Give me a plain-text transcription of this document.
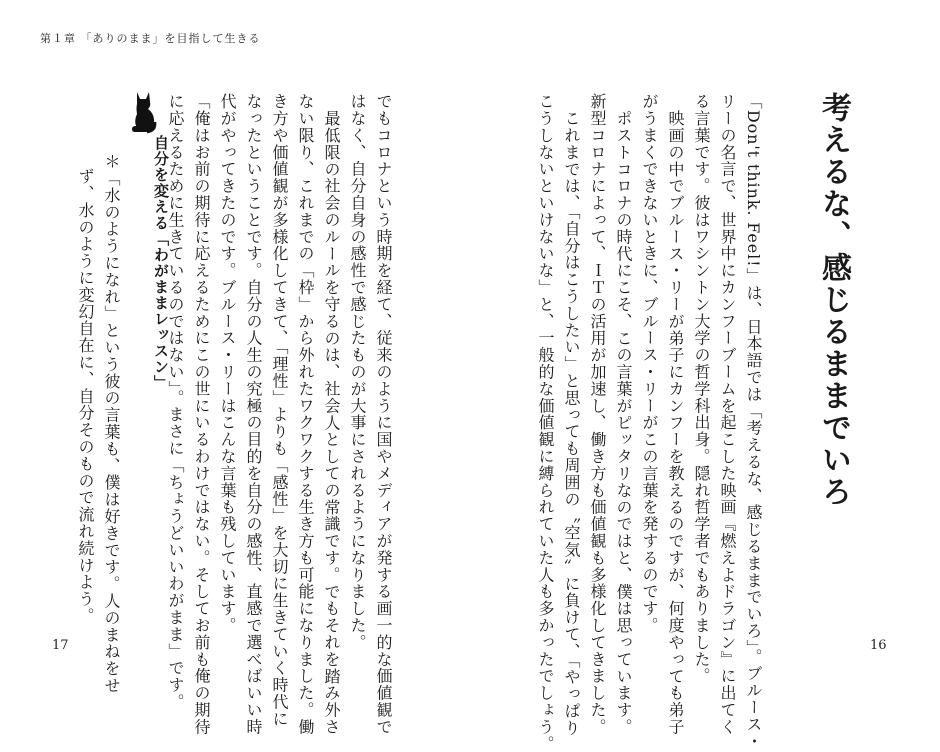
第１章 「ありのまま」を目指して生きる
考えるな、感じるままでいろ
「Don't think. Feel!」は、日本語では「考えるな、感じるままでいろ」。ブルース・
リーの名言で、世界中にカンフーブームを起こした映画『燃えよドラゴン』に出てく
る言葉です。彼はワシントン大学の哲学科出身。隠れ哲学者でもありました。
映画の中でブルース・リーが弟子にカンフーを教えるのですが、何度やっても弟子
がうまくできないときに、ブルース・リーがこの言葉を発するのです。
ポストコロナの時代にこそ、この言葉がピッタリなのではと、僕は思っています。
新型コロナによって、ＩＴの活用が加速し、働き方も価値観も多様化してきました。
これまでは、「自分はこうしたい」と思っても周囲の〝空気〟に負けて、「やっぱり
こうしないといけないな」と、一般的な価値観に縛られていた人も多かったでしょう。
でもコロナという時期を経て、従来のように国やメディアが発する画一的な価値観で
はなく、自分自身の感性で感じたものが大事にされるようになりました。
最低限の社会のルールを守るのは、社会人としての常識です。でもそれを踏み外さ
ない限り、これまでの「枠」から外れたワクワクする生き方も可能になりました。働
き方や価値観が多様化してきて、「理性」よりも「感性」を大切に生きていく時代に
なったということです。自分の人生の究極の目的を自分の感性、直感で選べばいい時
代がやってきたのです。ブルース・リーはこんな言葉も残しています。
「俺はお前の期待に応えるためにこの世にいるわけではない。そしてお前も俺の期待
に応えるために生きているのではない」。まさに「ちょうどいいわがまま」です。
自分を変える「わがままレッスン」
＊「水のようになれ」という彼の言葉も、僕は好きです。人のまねをせ
ず、水のように変幻自在に、自分そのもので流れ続けよう。
17	16
